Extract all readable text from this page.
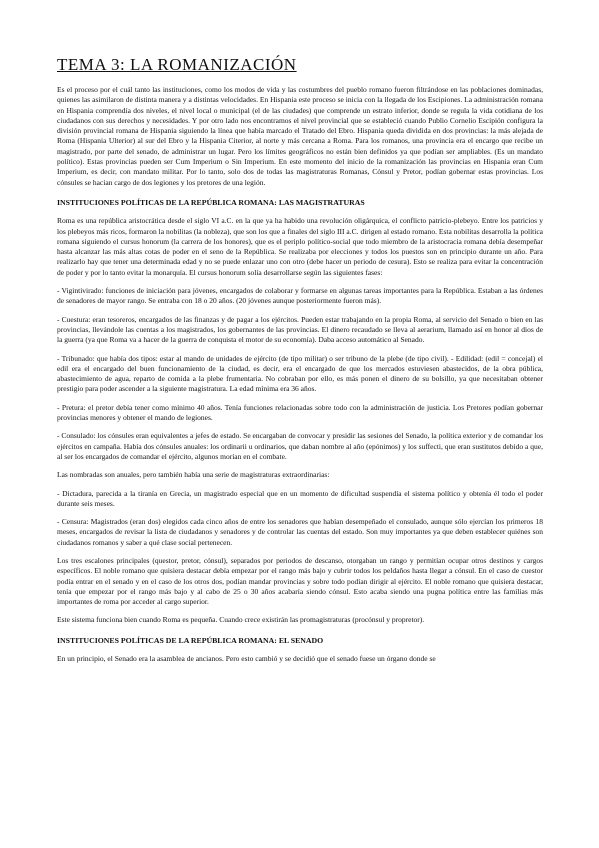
TEMA 3: LA ROMANIZACIÓN

Es el proceso por el cuál tanto las instituciones, como los modos de vida y las costumbres del pueblo romano fueron filtrándose en las poblaciones dominadas, quienes las asimilaron de distinta manera y a distintas velocidades. En Hispania este proceso se inicia con la llegada de los Escipiones. La administración romana en Hispania comprendía dos niveles, el nivel local o municipal (el de las ciudades) que comprende un estrato inferior, donde se regula la vida cotidiana de los ciudadanos con sus derechos y necesidades. Y por otro lado nos encontramos el nivel provincial que se estableció cuando Publio Cornelio Escipión configura la división provincial romana de Hispania siguiendo la línea que había marcado el Tratado del Ebro. Hispania queda dividida en dos provincias: la más alejada de Roma (Hispania Ulterior) al sur del Ebro y la Hispania Citerior, al norte y más cercana a Roma. Para los romanos, una provincia era el encargo que recibe un magistrado, por parte del senado, de administrar un lugar. Pero los límites geográficos no están bien definidos ya que podían ser ampliables. (Es un mandato político). Estas provincias pueden ser Cum Imperium o Sin Imperium. En este momento del inicio de la romanización las provincias en Hispania eran Cum Imperium, es decir, con mandato militar. Por lo tanto, solo dos de todas las magistraturas Romanas, Cónsul y Pretor, podían gobernar estas provincias. Los cónsules se hacían cargo de dos legiones y los pretores de una legión.

INSTITUCIONES POLÍTICAS DE LA REPÚBLICA ROMANA: LAS MAGISTRATURAS

Roma es una república aristocrática desde el siglo VI a.C. en la que ya ha habido una revolución oligárquica, el conflicto patricio-plebeyo. Entre los patricios y los plebeyos más ricos, formaron la nobilitas (la nobleza), que son los que a finales del siglo III a.C. dirigen al estado romano. Esta nobilitas desarrolla la política romana siguiendo el cursus honorum (la carrera de los honores), que es el periplo político-social que todo miembro de la aristocracia romana debía desempeñar hasta alcanzar las más altas cotas de poder en el seno de la República. Se realizaba por elecciones y todos los puestos son en principio durante un año. Para realizarlo hay que tener una determinada edad y no se puede enlazar uno con otro (debe hacer un periodo de cesura). Esto se realiza para evitar la concentración de poder y por lo tanto evitar la monarquía. El cursus honorum solía desarrollarse según las siguientes fases:

- Vigintivirado: funciones de iniciación para jóvenes, encargados de colaborar y formarse en algunas tareas importantes para la República. Estaban a las órdenes de senadores de mayor rango. Se entraba con 18 o 20 años. (20 jóvenes aunque posteriormente fueron más).

- Cuestura: eran tesoreros, encargados de las finanzas y de pagar a los ejércitos. Pueden estar trabajando en la propia Roma, al servicio del Senado o bien en las provincias, llevándole las cuentas a los magistrados, los gobernantes de las provincias. El dinero recaudado se lleva al aerarium, llamado así en honor al dios de la guerra (ya que Roma va a hacer de la guerra de conquista el motor de su economía). Daba acceso automático al Senado.

- Tribunado: que había dos tipos: estar al mando de unidades de ejército (de tipo militar) o ser tribuno de la plebe (de tipo civil). - Edilidad: (edil = concejal) el edil era el encargado del buen funcionamiento de la ciudad, es decir, era el encargado de que los mercados estuviesen abastecidos, de la obra pública, abastecimiento de agua, reparto de comida a la plebe frumentaria. No cobraban por ello, es más ponen el dinero de su bolsillo, ya que necesitaban obtener prestigio para poder ascender a la siguiente magistratura. La edad mínima era 36 años.

- Pretura: el pretor debía tener como mínimo 40 años. Tenía funciones relacionadas sobre todo con la administración de justicia. Los Pretores podían gobernar provincias menores y obtener el mando de legiones.

- Consulado: los cónsules eran equivalentes a jefes de estado. Se encargaban de convocar y presidir las sesiones del Senado, la política exterior y de comandar los ejércitos en campaña. Había dos cónsules anuales: los ordinarii u ordinarios, que daban nombre al año (epónimos) y los suffecti, que eran sustitutos debido a que, al ser los encargados de comandar el ejército, algunos morían en el combate.

Las nombradas son anuales, pero también había una serie de magistraturas extraordinarias:

- Dictadura, parecida a la tiranía en Grecia, un magistrado especial que en un momento de dificultad suspendía el sistema político y obtenía él todo el poder durante seis meses.

- Censura: Magistrados (eran dos) elegidos cada cinco años de entre los senadores que habían desempeñado el consulado, aunque sólo ejercían los primeros 18 meses, encargados de revisar la lista de ciudadanos y senadores y de controlar las cuentas del estado. Son muy importantes ya que deben establecer quiénes son ciudadanos romanos y saber a qué clase social pertenecen.

Los tres escalones principales (questor, pretor, cónsul), separados por periodos de descanso, otorgaban un rango y permitían ocupar otros destinos y cargos específicos. El noble romano que quisiera destacar debía empezar por el rango más bajo y cubrir todos los peldaños hasta llegar a cónsul. En el caso de cuestor podía entrar en el senado y en el caso de los otros dos, podían mandar provincias y sobre todo podían dirigir al ejército. El noble romano que quisiera destacar, tenía que empezar por el rango más bajo y al cabo de 25 o 30 años acabaría siendo cónsul. Esto acaba siendo una pugna política entre las familias más importantes de roma por acceder al cargo superior.

Este sistema funciona bien cuando Roma es pequeña. Cuando crece existirán las promagistraturas (procónsul y propretor).

INSTITUCIONES POLÍTICAS DE LA REPÚBLICA ROMANA: EL SENADO

En un principio, el Senado era la asamblea de ancianos. Pero esto cambió y se decidió que el senado fuese un órgano donde se
